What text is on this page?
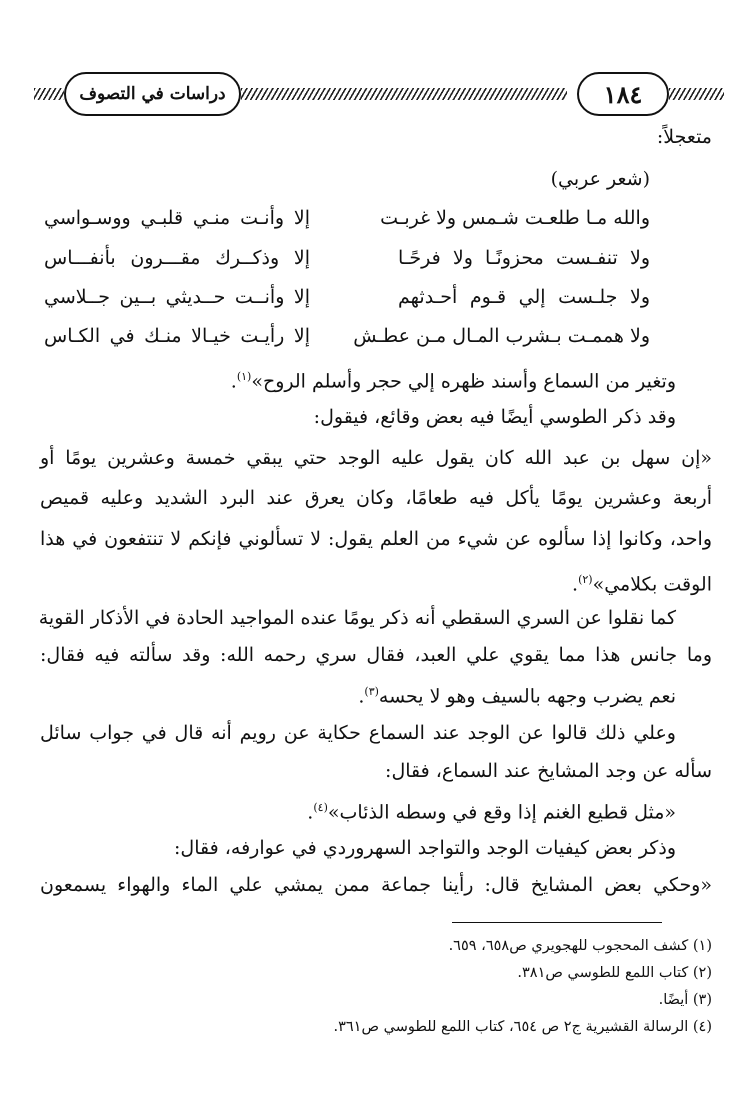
دراسات في التصوف	١٨٤
متعجلاً:
(شعر عربي)
والله مـا طلعـت شـمس ولا غربـت
إلا وأنـت منـي قلبـي ووسـواسي
ولا تنفـست محزونًـا ولا فرحًـا
إلا وذكــرك مقـــرون بأنفـــاس
ولا جلـست إلي قـوم أحـدثهم
إلا وأنــت حــديثي بــين جــلاسي
ولا هممـت بـشرب المـال مـن عطـش
إلا رأيـت خيـالا منـك في الكـاس
وتغير من السماع وأسند ظهره إلي حجر وأسلم الروح»$^{(١)}$.
وقد ذكر الطوسي أيضًا فيه بعض وقائع، فيقول:
«إن سهل بن عبد الله كان يقول عليه الوجد حتي يبقي خمسة وعشرين يومًا أو
أربعة وعشرين يومًا يأكل فيه طعامًا، وكان يعرق عند البرد الشديد وعليه قميص
واحد، وكانوا إذا سألوه عن شيء من العلم يقول: لا تسألوني فإنكم لا تنتفعون في هذا
الوقت بكلامي»$^{(٢)}$.
كما نقلوا عن السري السقطي أنه ذكر يومًا عنده المواجيد الحادة في الأذكار القوية
وما جانس هذا مما يقوي علي العبد، فقال سري رحمه الله: وقد سألته فيه فقال:
نعم يضرب وجهه بالسيف وهو لا يحسه$^{(٣)}$.
وعلي ذلك قالوا عن الوجد عند السماع حكاية عن رويم أنه قال في جواب سائل
سأله عن وجد المشايخ عند السماع، فقال:
«مثل قطيع الغنم إذا وقع في وسطه الذئاب»$^{(٤)}$.
وذكر بعض كيفيات الوجد والتواجد السهروردي في عوارفه، فقال:
«وحكي بعض المشايخ قال: رأينا جماعة ممن يمشي علي الماء والهواء يسمعون
(١) كشف المحجوب للهجويري ص٦٥٨، ٦٥٩.
(٢) كتاب اللمع للطوسي ص٣٨١.
(٣) أيضًا.
(٤) الرسالة القشيرية ج٢ ص ٦٥٤، كتاب اللمع للطوسي ص٣٦١.
